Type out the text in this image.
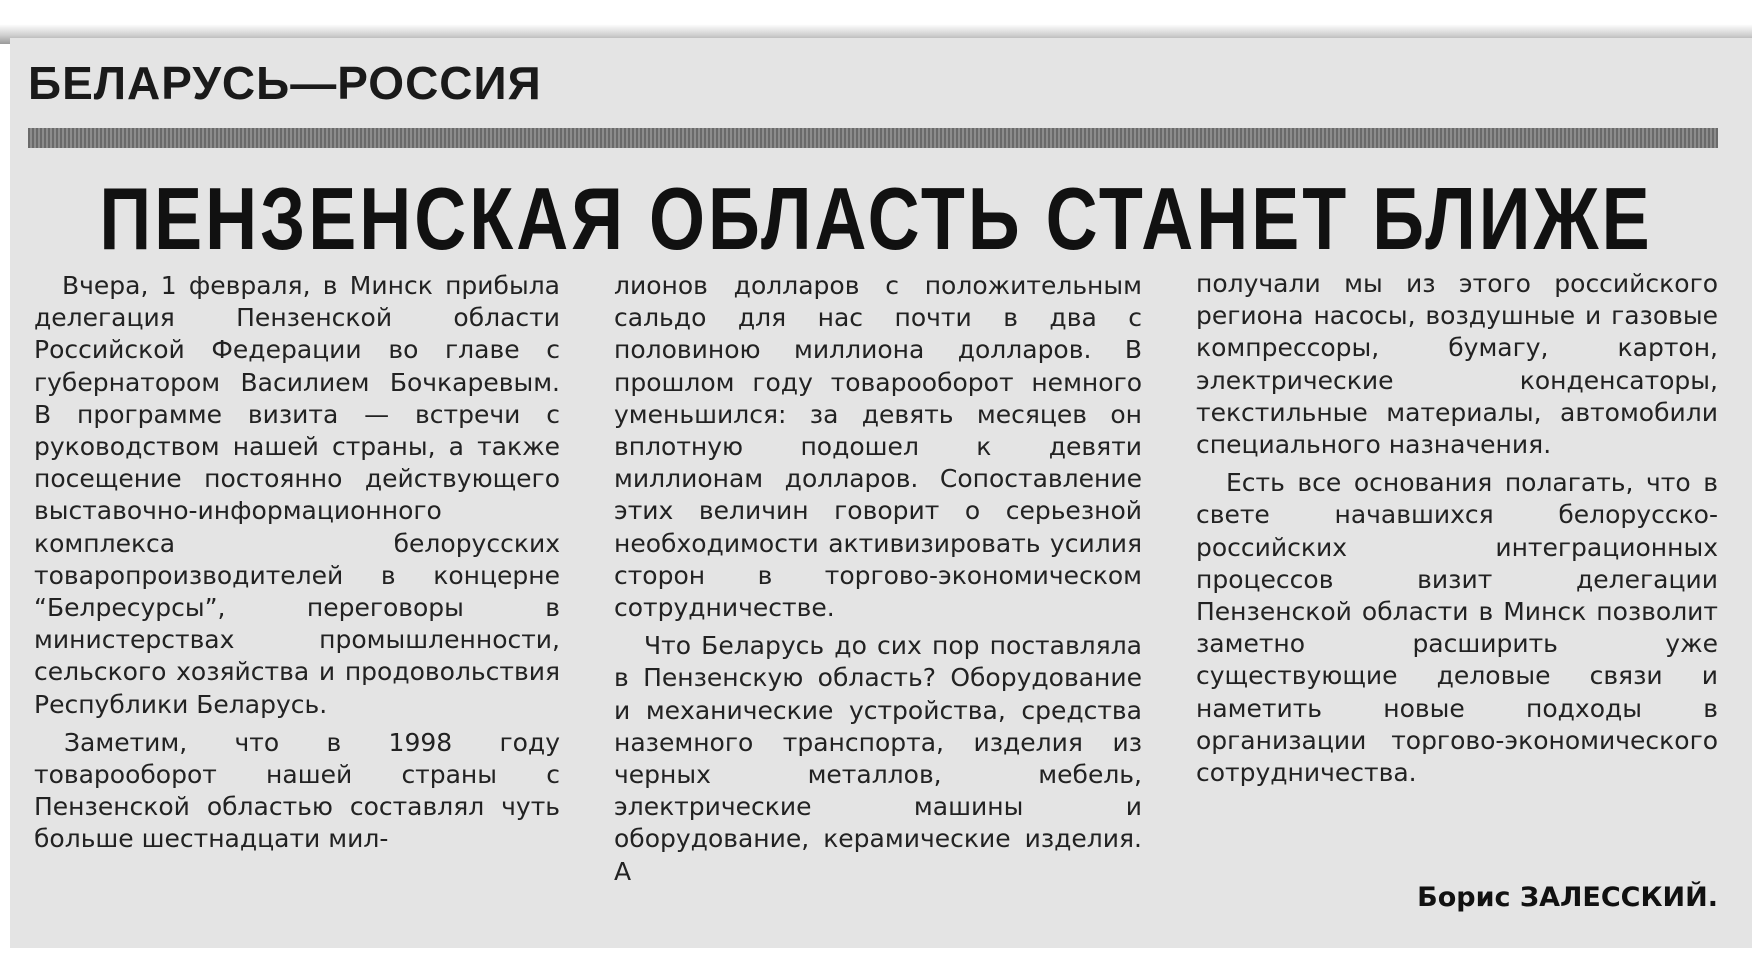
БЕЛАРУСЬ—РОССИЯ
ПЕНЗЕНСКАЯ ОБЛАСТЬ СТАНЕТ БЛИЖЕ

Вчера, 1 февраля, в Минск прибыла делегация Пензенской области Российской Федерации во главе с губернатором Василием Бочкаревым. В программе визита — встречи с руководством нашей страны, а также посещение постоянно действующего выставочно-информационного комплекса белорусских товаропроизводителей в концерне “Белресурсы”, переговоры в министерствах промышленности, сельского хозяйства и продовольствия Республики Беларусь.

Заметим, что в 1998 году товарооборот нашей страны с Пензенской областью составлял чуть больше шестнадцати мил-

лионов долларов с положительным сальдо для нас почти в два с половиною миллиона долларов. В прошлом году товарооборот немного уменьшился: за девять месяцев он вплотную подошел к девяти миллионам долларов. Сопоставление этих величин говорит о серьезной необходимости активизировать усилия сторон в торгово-экономическом сотрудничестве.

Что Беларусь до сих пор поставляла в Пензенскую область? Оборудование и механические устройства, средства наземного транспорта, изделия из черных металлов, мебель, электрические машины и оборудование, керамические изделия. А

получали мы из этого российского региона насосы, воздушные и газовые компрессоры, бумагу, картон, электрические конденсаторы, текстильные материалы, автомобили специального назначения.

Есть все основания полагать, что в свете начавшихся белорусско-российских интеграционных процессов визит делегации Пензенской области в Минск позволит заметно расширить уже существующие деловые связи и наметить новые подходы в организации торгово-экономического сотрудничества.

Борис ЗАЛЕССКИЙ.
